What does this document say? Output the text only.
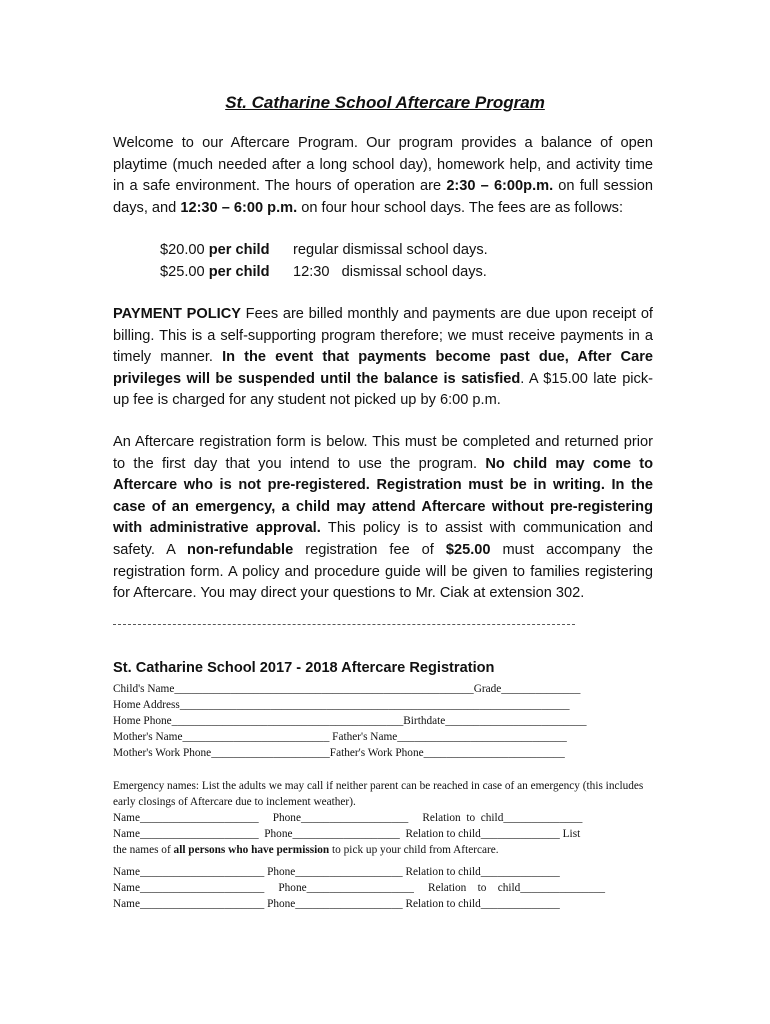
St. Catharine School Aftercare Program

Welcome to our Aftercare Program. Our program provides a balance of open playtime (much needed after a long school day), homework help, and activity time in a safe environment. The hours of operation are 2:30 – 6:00p.m. on full session days, and 12:30 – 6:00 p.m. on four hour school days. The fees are as follows:

$20.00 per child	regular dismissal school days.
$25.00 per child	12:30   dismissal school days.

PAYMENT POLICY Fees are billed monthly and payments are due upon receipt of billing. This is a self-supporting program therefore; we must receive payments in a timely manner. In the event that payments become past due, After Care privileges will be suspended until the balance is satisfied. A $15.00 late pick-up fee is charged for any student not picked up by 6:00 p.m.

An Aftercare registration form is below. This must be completed and returned prior to the first day that you intend to use the program. No child may come to Aftercare who is not pre-registered. Registration must be in writing. In the case of an emergency, a child may attend Aftercare without pre-registering with administrative approval. This policy is to assist with communication and safety. A non-refundable registration fee of $25.00 must accompany the registration form. A policy and procedure guide will be given to families registering for Aftercare. You may direct your questions to Mr. Ciak at extension 302.

St. Catharine School 2017 - 2018 Aftercare Registration

Child's Name_____________________________________________________Grade______________

Home Address_____________________________________________________________________

Home Phone_________________________________________Birthdate_________________________

Mother's Name__________________________ Father's Name______________________________

Mother's Work Phone_____________________Father's Work Phone_________________________

Emergency names: List the adults we may call if neither parent can be reached in case of an emergency (this includes early closings of Aftercare due to inclement weather).

Name_____________________     Phone___________________     Relation  to  child______________

Name_____________________  Phone___________________  Relation to child______________ List

the names of all persons who have permission to pick up your child from Aftercare.

Name______________________ Phone___________________ Relation to child______________

Name______________________     Phone___________________     Relation    to    child_______________

Name______________________ Phone___________________ Relation to child______________
